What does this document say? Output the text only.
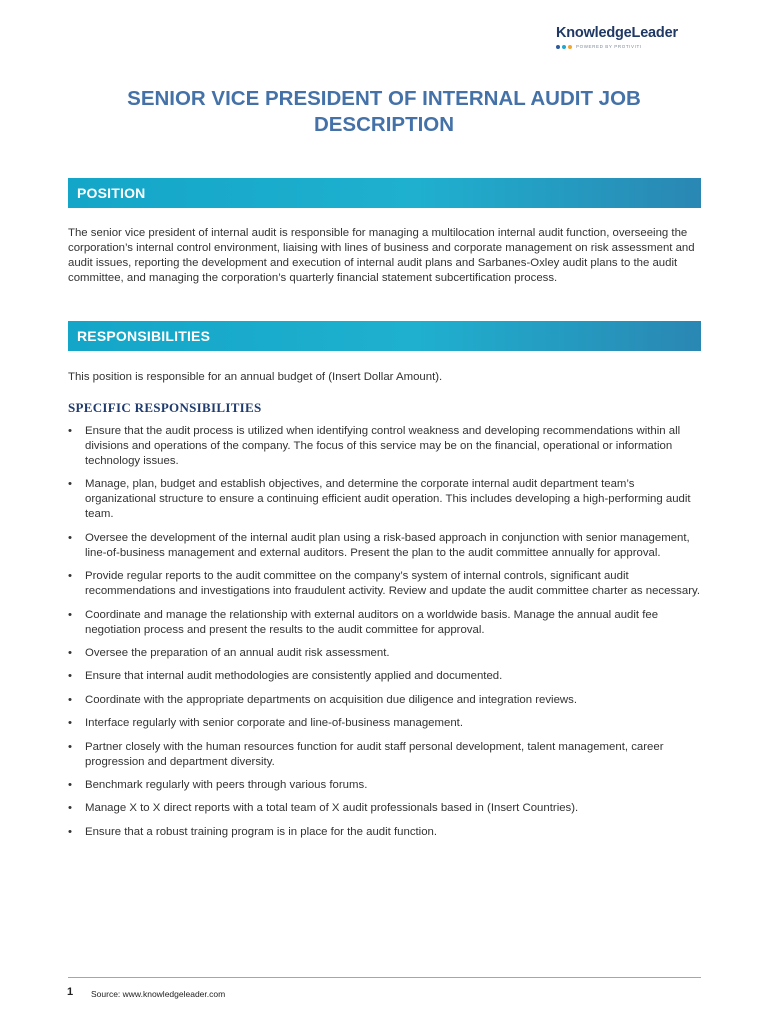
KnowledgeLeader
POWERED BY PROTIVITI
SENIOR VICE PRESIDENT OF INTERNAL AUDIT JOB DESCRIPTION
POSITION
The senior vice president of internal audit is responsible for managing a multilocation internal audit function, overseeing the corporation’s internal control environment, liaising with lines of business and corporate management on risk assessment and audit issues, reporting the development and execution of internal audit plans and Sarbanes-Oxley audit plans to the audit committee, and managing the corporation’s quarterly financial statement subcertification process.
RESPONSIBILITIES
This position is responsible for an annual budget of (Insert Dollar Amount).
SPECIFIC RESPONSIBILITIES
• Ensure that the audit process is utilized when identifying control weakness and developing recommendations within all divisions and operations of the company. The focus of this service may be on the financial, operational or information technology issues.
• Manage, plan, budget and establish objectives, and determine the corporate internal audit department team’s organizational structure to ensure a continuing efficient audit operation. This includes developing a high-performing audit team.
• Oversee the development of the internal audit plan using a risk-based approach in conjunction with senior management, line-of-business management and external auditors. Present the plan to the audit committee annually for approval.
• Provide regular reports to the audit committee on the company’s system of internal controls, significant audit recommendations and investigations into fraudulent activity. Review and update the audit committee charter as necessary.
• Coordinate and manage the relationship with external auditors on a worldwide basis. Manage the annual audit fee negotiation process and present the results to the audit committee for approval.
• Oversee the preparation of an annual audit risk assessment.
• Ensure that internal audit methodologies are consistently applied and documented.
• Coordinate with the appropriate departments on acquisition due diligence and integration reviews.
• Interface regularly with senior corporate and line-of-business management.
• Partner closely with the human resources function for audit staff personal development, talent management, career progression and department diversity.
• Benchmark regularly with peers through various forums.
• Manage X to X direct reports with a total team of X audit professionals based in (Insert Countries).
• Ensure that a robust training program is in place for the audit function.
1 Source: www.knowledgeleader.com
